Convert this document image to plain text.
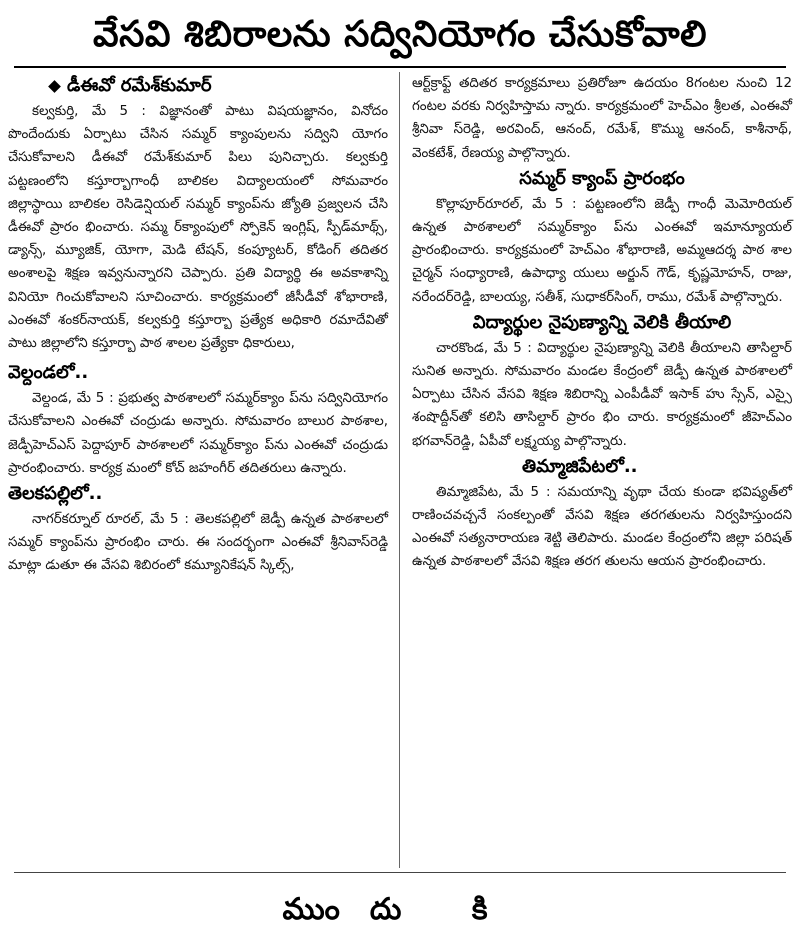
వేసవి శిబిరాలను సద్వినియోగం చేసుకోవాలి
డీఈవో రమేశ్‌కుమార్

కల్వకుర్తి, మే 5 : విజ్ఞానంతో పాటు విషయజ్ఞానం, వినోదం పొందేందుకు ఏర్పాటు చేసిన సమ్మర్ క్యాంపులను సద్విని యోగం చేసుకోవాలని డీఈవో రమేశ్‌కుమార్ పిలు పునిచ్చారు. కల్వకుర్తి పట్టణంలోని కస్తూర్బాగాంధీ బాలికల విద్యాలయంలో సోమవారం జిల్లాస్థాయి బాలికల రెసిడెన్షియల్ సమ్మర్ క్యాంప్‌ను జ్యోతి ప్రజ్వలన చేసి డీఈవో ప్రారం భించారు. సమ్మ ర్‌క్యాంపులో స్పోకెన్ ఇంగ్లిష్, స్పీడ్‌మాథ్స్, డ్యాన్స్, మ్యూజిక్, యోగా, మెడి టేషన్, కంప్యూటర్, కోడింగ్ తదితర అంశాలపై శిక్షణ ఇవ్వనున్నారని చెప్పారు. ప్రతి విద్యార్థి ఈ అవకాశాన్ని వినియో గించుకోవాలని సూచించారు. కార్యక్రమంలో జీసీడీవో శోభారాణి, ఎంఈవో శంకర్‌నాయక్, కల్వకుర్తి కస్తూర్బా ప్రత్యేక అధికారి రమాదేవితో పాటు జిల్లాలోని కస్తూర్బా పాఠ శాలల ప్రత్యేకా ధికారులు,

వెల్దండలో..

వెల్దండ, మే 5 : ప్రభుత్వ పాఠశాలలో సమ్మర్‌క్యాం ప్‌ను సద్వినియోగం చేసుకోవాలని ఎంఈవో చంద్రుడు అన్నారు. సోమవారం బాలుర పాఠశాల, జెడ్పీహెచ్‌ఎస్ పెద్దాపూర్ పాఠశాలలో సమ్మర్‌క్యాం ప్‌ను ఎంఈవో చంద్రుడు ప్రారంభించారు. కార్యక్ర మంలో కోచ్ జహంగీర్ తదితరులు ఉన్నారు.

తెలకపల్లిలో..

నాగర్‌కర్నూల్ రూరల్, మే 5 : తెలకపల్లిలో జెడ్పీ ఉన్నత పాఠశాలలో సమ్మర్ క్యాంప్‌ను ప్రారంభిం చారు. ఈ సందర్భంగా ఎంఈవో శ్రీనివాస్‌రెడ్డి మాట్లా డుతూ ఈ వేసవి శిబిరంలో కమ్యూనికేషన్ స్కిల్స్,

ఆర్ట్‌క్రాఫ్ట్ తదితర కార్యక్రమాలు ప్రతిరోజూ ఉదయం 8గంటల నుంచి 12 గంటల వరకు నిర్వహిస్తామ న్నారు. కార్యక్రమంలో హెచ్‌ఎం శ్రీలత, ఎంఈవో శ్రీనివా స్‌రెడ్డి, అరవింద్, ఆనంద్, రమేశ్, కొమ్ము ఆనంద్, కాశీనాథ్, వెంకటేశ్, రేణయ్య పాల్గొన్నారు.

సమ్మర్ క్యాంప్ ప్రారంభం

కొల్లాపూర్‌రూరల్, మే 5 : పట్టణంలోని జెడ్పీ గాంధీ మెమోరియల్ ఉన్నత పాఠశాలలో సమ్మర్‌క్యాం ప్‌ను ఎంఈవో ఇమాన్యూయల్ ప్రారంభించారు. కార్యక్రమంలో హెచ్‌ఎం శోభారాణి, అమ్మఆదర్శ పాఠ శాల చైర్మన్ సంధ్యారాణి, ఉపాధ్యా యులు అర్జున్ గౌడ్, కృష్ణమోహన్, రాజు, నరేందర్‌రెడ్డి, బాలయ్య, సతీశ్, సుధాకర్‌సింగ్, రాము, రమేశ్ పాల్గొన్నారు.

విద్యార్థుల నైపుణ్యాన్ని వెలికి తీయాలి

చారకొండ, మే 5 : విద్యార్థుల నైపుణ్యాన్ని వెలికి తీయాలని తాసిల్దార్ సునిత అన్నారు. సోమవారం మండల కేంద్రంలో జెడ్పీ ఉన్నత పాఠశాలలో ఏర్పాటు చేసిన వేసవి శిక్షణ శిబిరాన్ని ఎంపీడీవో ఇసాక్ హు స్సేన్, ఎస్సై శంషొద్దీన్‌తో కలిసి తాసిల్దార్ ప్రారం భిం చారు. కార్యక్రమంలో జీహెచ్‌ఎం భగవాన్‌రెడ్డి, ఏపీవో లక్ష్మయ్య పాల్గొన్నారు.

తిమ్మాజిపేటలో..

తిమ్మాజిపేట, మే 5 : సమయాన్ని వృథా చేయ కుండా భవిష్యత్‌లో రాణించవచ్చనే సంకల్పంతో వేసవి శిక్షణ తరగతులను నిర్వహిస్తుందని ఎంఈవో సత్యనారాయణ శెట్టి తెలిపారు. మండల కేంద్రంలోని జిల్లా పరిషత్ ఉన్నత పాఠశాలలో వేసవి శిక్షణ తరగ తులను ఆయన ప్రారంభించారు.

ముందు కి
